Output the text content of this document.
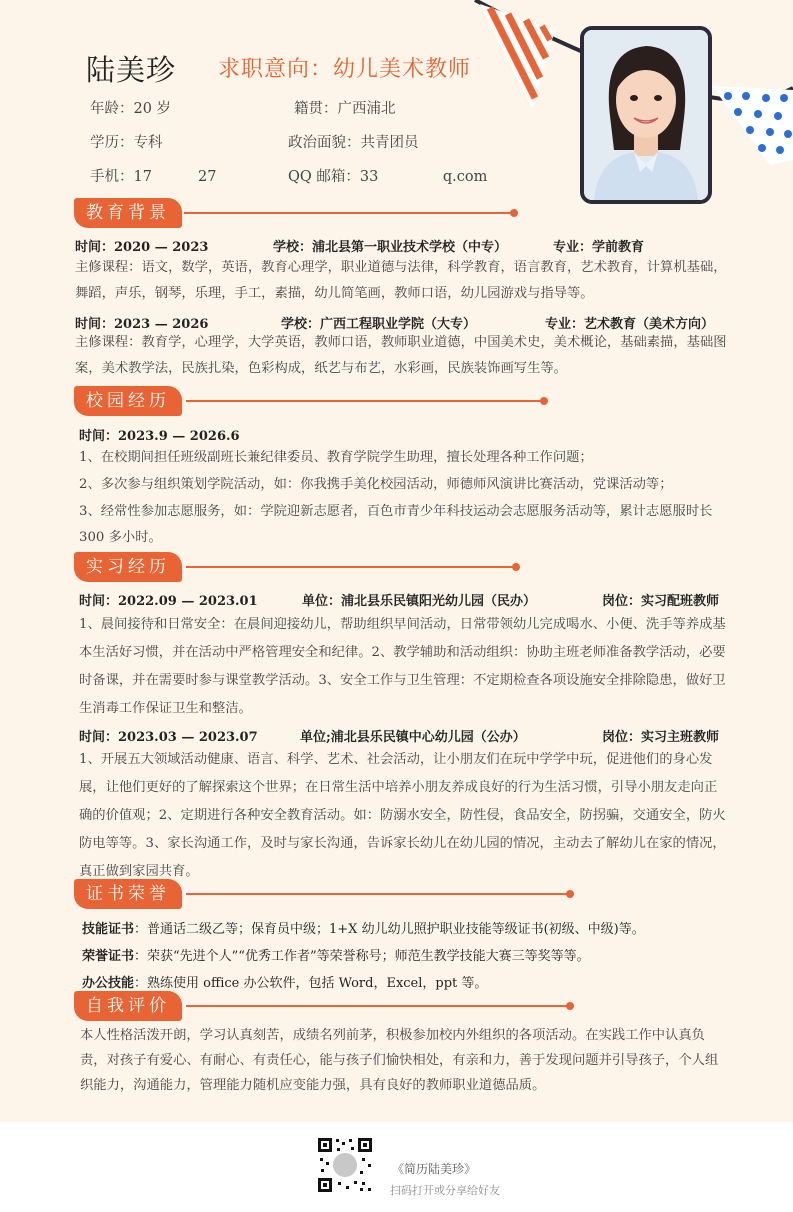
陆美珍 求职意向：幼儿美术教师
年龄：20 岁	籍贯：广西浦北
学历：专科	政治面貌：共青团员
手机：17          27	QQ 邮箱：33              q.com
教育背景
时间：2020 — 2023	学校：浦北县第一职业技术学校（中专）	专业：学前教育
主修课程：语文，数学，英语，教育心理学，职业道德与法律，科学教育，语言教育，艺术教育，计算机基础，舞蹈，声乐，钢琴，乐理，手工，素描，幼儿简笔画，教师口语，幼儿园游戏与指导等。
时间：2023 — 2026	学校：广西工程职业学院（大专）	专业：艺术教育（美术方向）
主修课程：教育学，心理学，大学英语，教师口语，教师职业道德，中国美术史，美术概论，基础素描，基础图案，美术教学法，民族扎染，色彩构成，纸艺与布艺，水彩画，民族装饰画写生等。
校园经历
时间：2023.9 — 2026.6
1、在校期间担任班级副班长兼纪律委员、教育学院学生助理，擅长处理各种工作问题；
2、多次参与组织策划学院活动，如：你我携手美化校园活动，师德师风演讲比赛活动，党课活动等；
3、经常性参加志愿服务，如：学院迎新志愿者，百色市青少年科技运动会志愿服务活动等，累计志愿服时长 300 多小时。
实习经历
时间：2022.09 — 2023.01	单位：浦北县乐民镇阳光幼儿园（民办）	岗位：实习配班教师
1、晨间接待和日常安全：在晨间迎接幼儿，帮助组织早间活动，日常带领幼儿完成喝水、小便、洗手等养成基本生活好习惯，并在活动中严格管理安全和纪律。2、教学辅助和活动组织：协助主班老师准备教学活动，必要时备课，并在需要时参与课堂教学活动。3、安全工作与卫生管理：不定期检查各项设施安全排除隐患，做好卫生消毒工作保证卫生和整洁。
时间：2023.03 — 2023.07	单位;浦北县乐民镇中心幼儿园（公办）	岗位：实习主班教师
1、开展五大领域活动健康、语言、科学、艺术、社会活动，让小朋友们在玩中学学中玩，促进他们的身心发展，让他们更好的了解探索这个世界；在日常生活中培养小朋友养成良好的行为生活习惯，引导小朋友走向正确的价值观；2、定期进行各种安全教育活动。如：防溺水安全，防性侵，食品安全，防拐骗，交通安全，防火防电等等。3、家长沟通工作，及时与家长沟通，告诉家长幼儿在幼儿园的情况，主动去了解幼儿在家的情况，真正做到家园共育。
证书荣誉
技能证书：普通话二级乙等；保育员中级；1+X 幼儿幼儿照护职业技能等级证书(初级、中级)等。
荣誉证书：荣获“先进个人”“优秀工作者”等荣誉称号；师范生教学技能大赛三等奖等等。
办公技能：熟练使用 office 办公软件，包括 Word，Excel，ppt 等。
自我评价
本人性格活泼开朗，学习认真刻苦，成绩名列前茅，积极参加校内外组织的各项活动。在实践工作中认真负责，对孩子有爱心、有耐心、有责任心，能与孩子们愉快相处，有亲和力，善于发现问题并引导孩子，个人组织能力，沟通能力，管理能力随机应变能力强，具有良好的教师职业道德品质。
《简历陆美珍》
扫码打开或分享给好友
